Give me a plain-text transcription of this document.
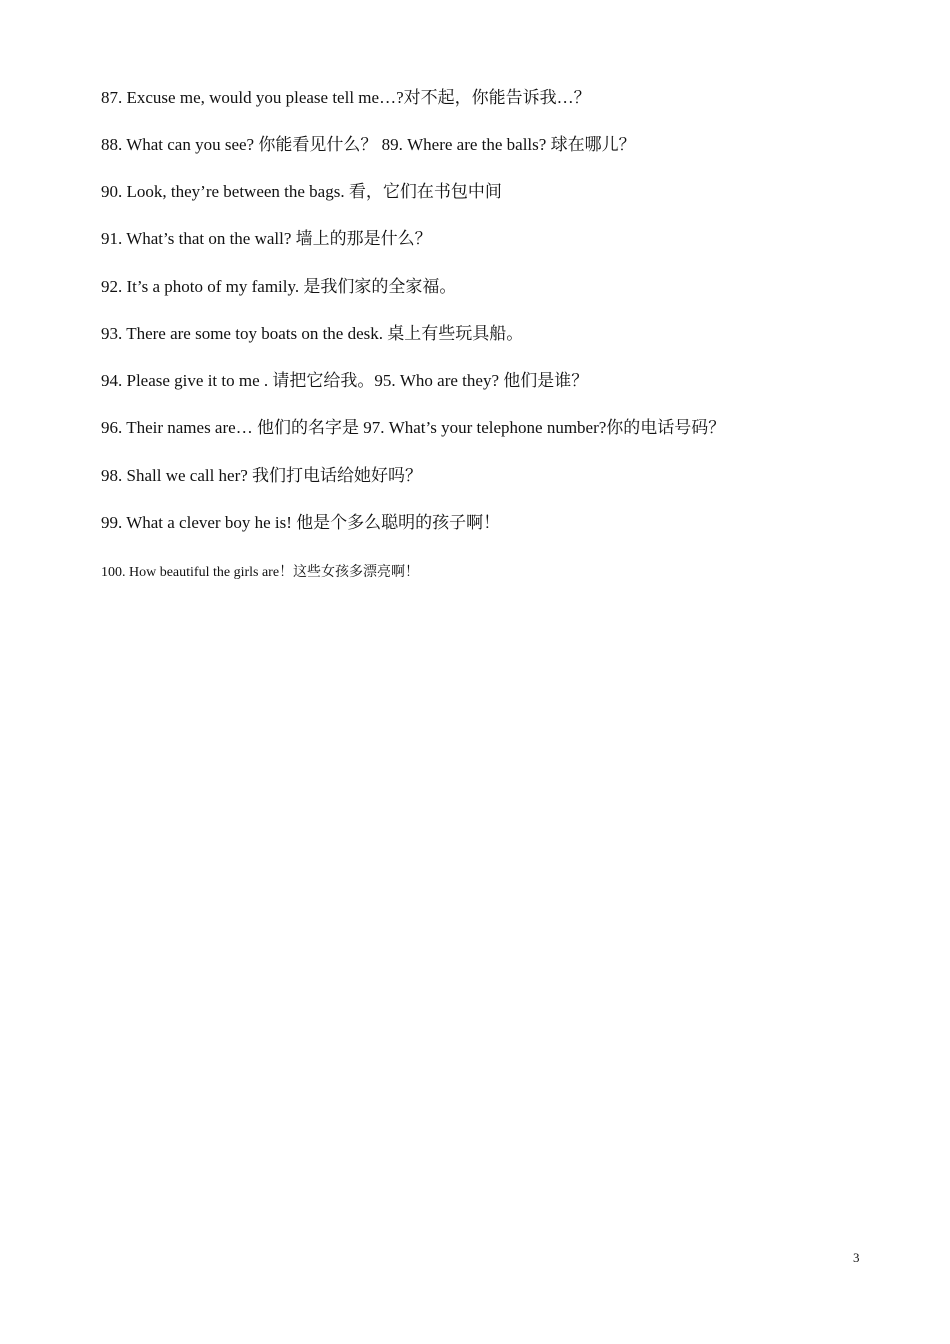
87. Excuse me, would you please tell me…?对不起，你能告诉我…？
88. What can you see? 你能看见什么？ 89. Where are the balls? 球在哪儿？
90. Look, they’re between the bags. 看，它们在书包中间
91. What’s that on the wall? 墙上的那是什么？
92. It’s a photo of my family. 是我们家的全家福。
93. There are some toy boats on the desk. 桌上有些玩具船。
94. Please give it to me . 请把它给我。95. Who are they? 他们是谁？
96. Their names are… 他们的名字是 97. What’s your telephone number?你的电话号码？
98. Shall we call her? 我们打电话给她好吗？
99. What a clever boy he is! 他是个多么聪明的孩子啊！
100. How beautiful the girls are！这些女孩多漂亮啊！
3
